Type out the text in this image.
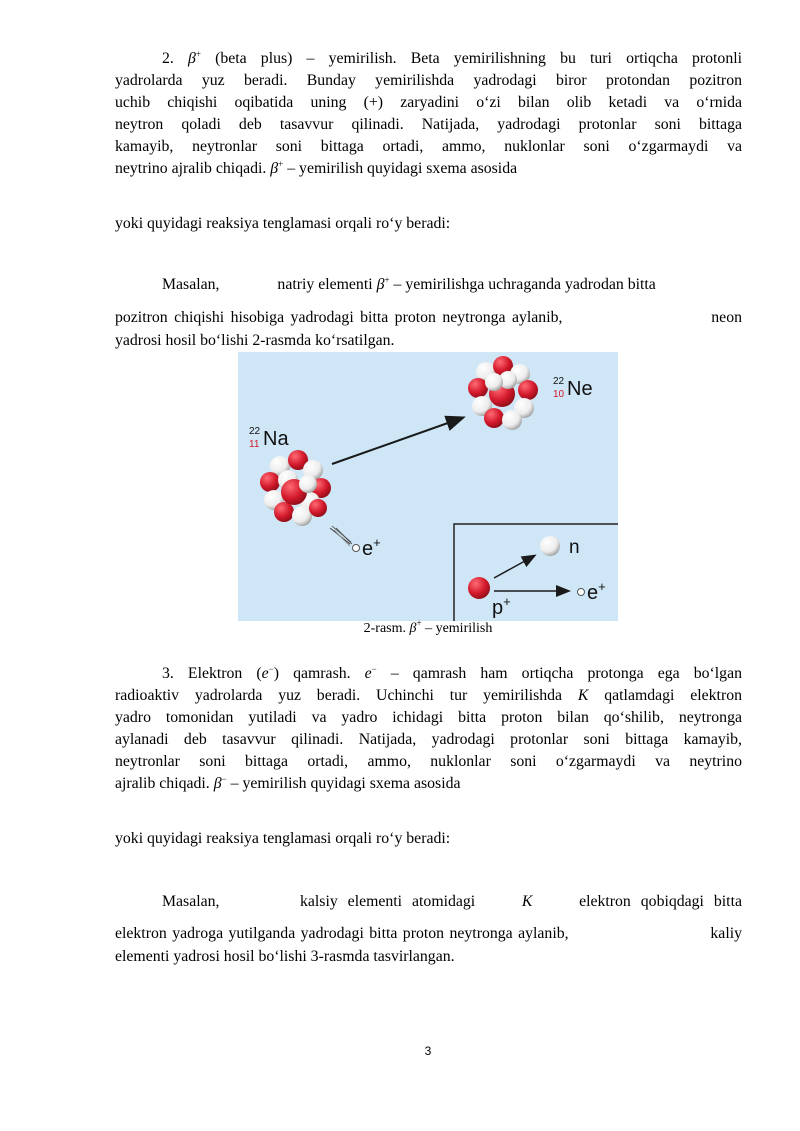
2. β+ (beta plus) – yemirilish. Beta yemirilishning bu turi ortiqcha protonli

yadrolarda yuz beradi. Bunday yemirilishda yadrodagi biror protondan pozitron

uchib chiqishi oqibatida uning (+) zaryadini o‘zi bilan olib ketadi va o‘rnida

neytron qoladi deb tasavvur qilinadi. Natijada, yadrodagi protonlar soni bittaga

kamayib, neytronlar soni bittaga ortadi, ammo, nuklonlar soni o‘zgarmaydi va

neytrino ajralib chiqadi. β+ – yemirilish quyidagi sxema asosida

yoki quyidagi reaksiya tenglamasi orqali ro‘y beradi:

Masalan,	natriy elementi β+ – yemirilishga uchraganda yadrodan bitta
pozitron chiqishi hisobiga yadrodagi bitta proton neytronga aylanib,	neon

yadrosi hosil bo‘lishi 2-rasmda ko‘rsatilgan.

22
11 Na
22
10 Ne
e+	n
p+	e+
2-rasm. β+ – yemirilish
3. Elektron (e−) qamrash. e− – qamrash ham ortiqcha protonga ega bo‘lgan
radioaktiv yadrolarda yuz beradi. Uchinchi tur yemirilishda K qatlamdagi elektron

yadro tomonidan yutiladi va yadro ichidagi bitta proton bilan qo‘shilib, neytronga

aylanadi deb tasavvur qilinadi. Natijada, yadrodagi protonlar soni bittaga kamayib,

neytronlar soni bittaga ortadi, ammo, nuklonlar soni o‘zgarmaydi va neytrino

ajralib chiqadi. β− – yemirilish quyidagi sxema asosida

yoki quyidagi reaksiya tenglamasi orqali ro‘y beradi:

Masalan,	kalsiy elementi atomidagi	K	elektron qobiqdagi bitta
elektron yadroga yutilganda yadrodagi bitta proton neytronga aylanib,	kaliy

elementi yadrosi hosil bo‘lishi 3-rasmda tasvirlangan.

3
